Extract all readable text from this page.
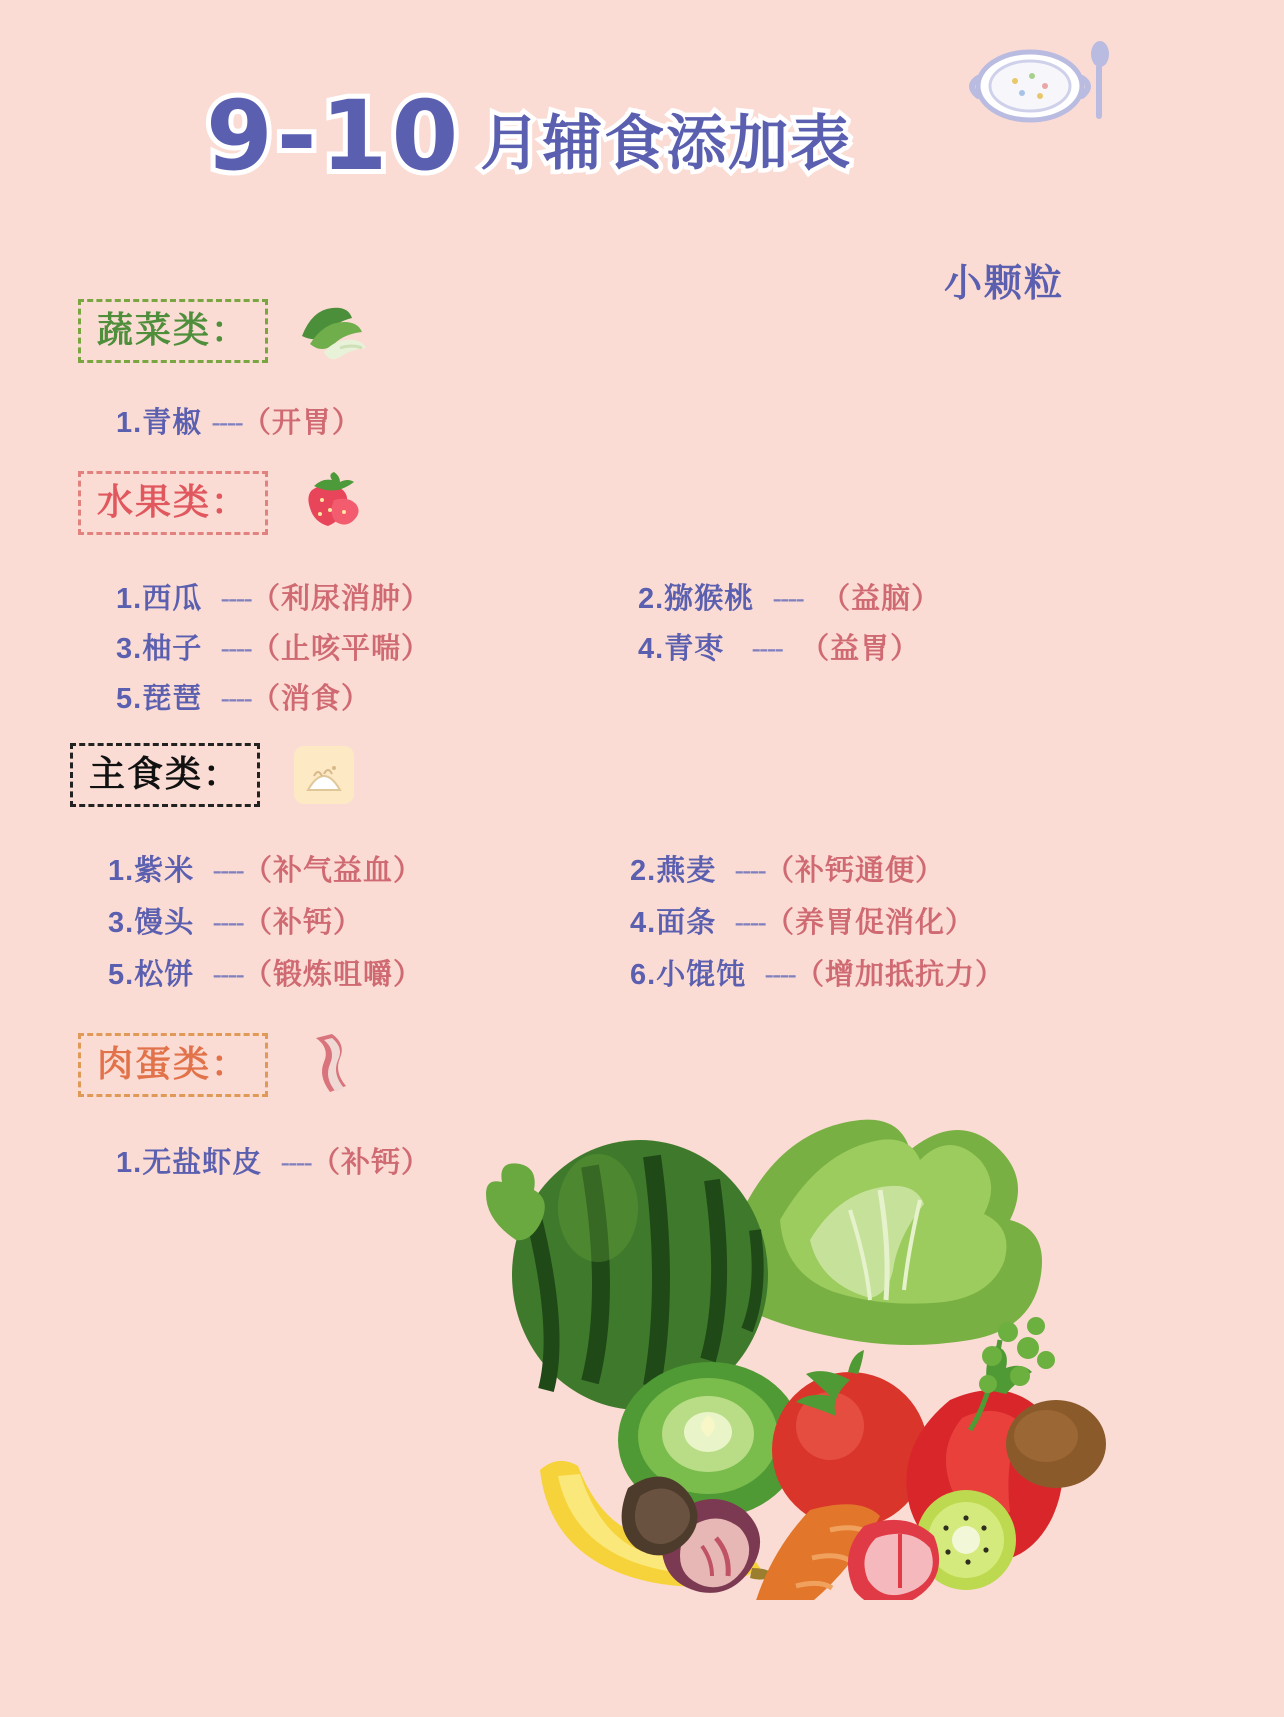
9-10 月辅食添加表
小颗粒
蔬菜类：
1.青椒 ----（开胃）
水果类：
1.西瓜 ----（利尿消肿）	2.猕猴桃 ---- （益脑）
3.柚子 ----（止咳平喘）	4.青枣 ---- （益胃）
5.琵琶 ----（消食）
主食类：
1.紫米 ----（补气益血）	2.燕麦 ----（补钙通便）
3.馒头 ----（补钙）	4.面条 ----（养胃促消化）
5.松饼 ----（锻炼咀嚼）	6.小馄饨 ----（增加抵抗力）
肉蛋类：
1.无盐虾皮 ----（补钙）
